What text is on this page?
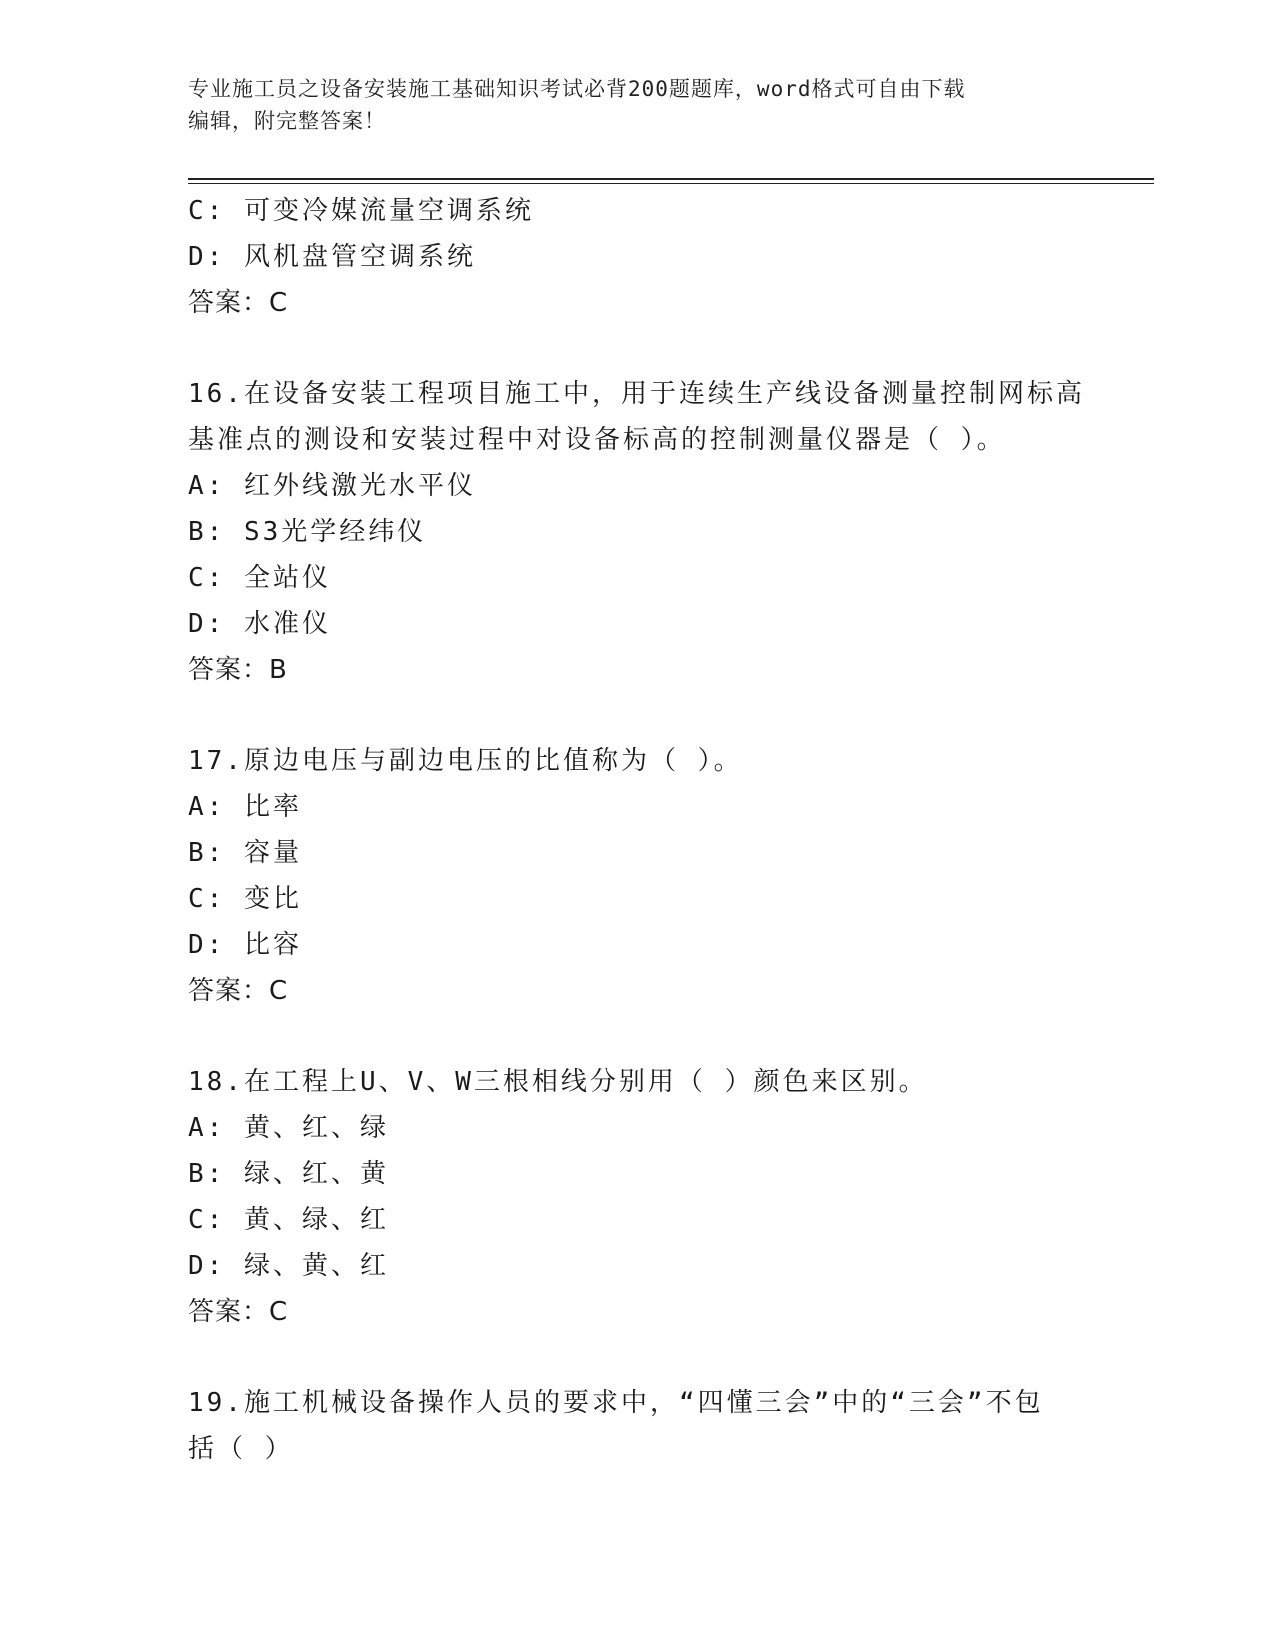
专业施工员之设备安装施工基础知识考试必背200题题库，word格式可自由下载
编辑，附完整答案！
C: 可变冷媒流量空调系统
D: 风机盘管空调系统
答案：C
16.在设备安装工程项目施工中，用于连续生产线设备测量控制网标高
基准点的测设和安装过程中对设备标高的控制测量仪器是（ ）。
A: 红外线激光水平仪
B: S3光学经纬仪
C: 全站仪
D: 水准仪
答案：B
17.原边电压与副边电压的比值称为（ ）。
A: 比率
B: 容量
C: 变比
D: 比容
答案：C
18.在工程上U、V、W三根相线分别用（ ）颜色来区别。
A: 黄、红、绿
B: 绿、红、黄
C: 黄、绿、红
D: 绿、黄、红
答案：C
19.施工机械设备操作人员的要求中，“四懂三会”中的“三会”不包
括（ ）
